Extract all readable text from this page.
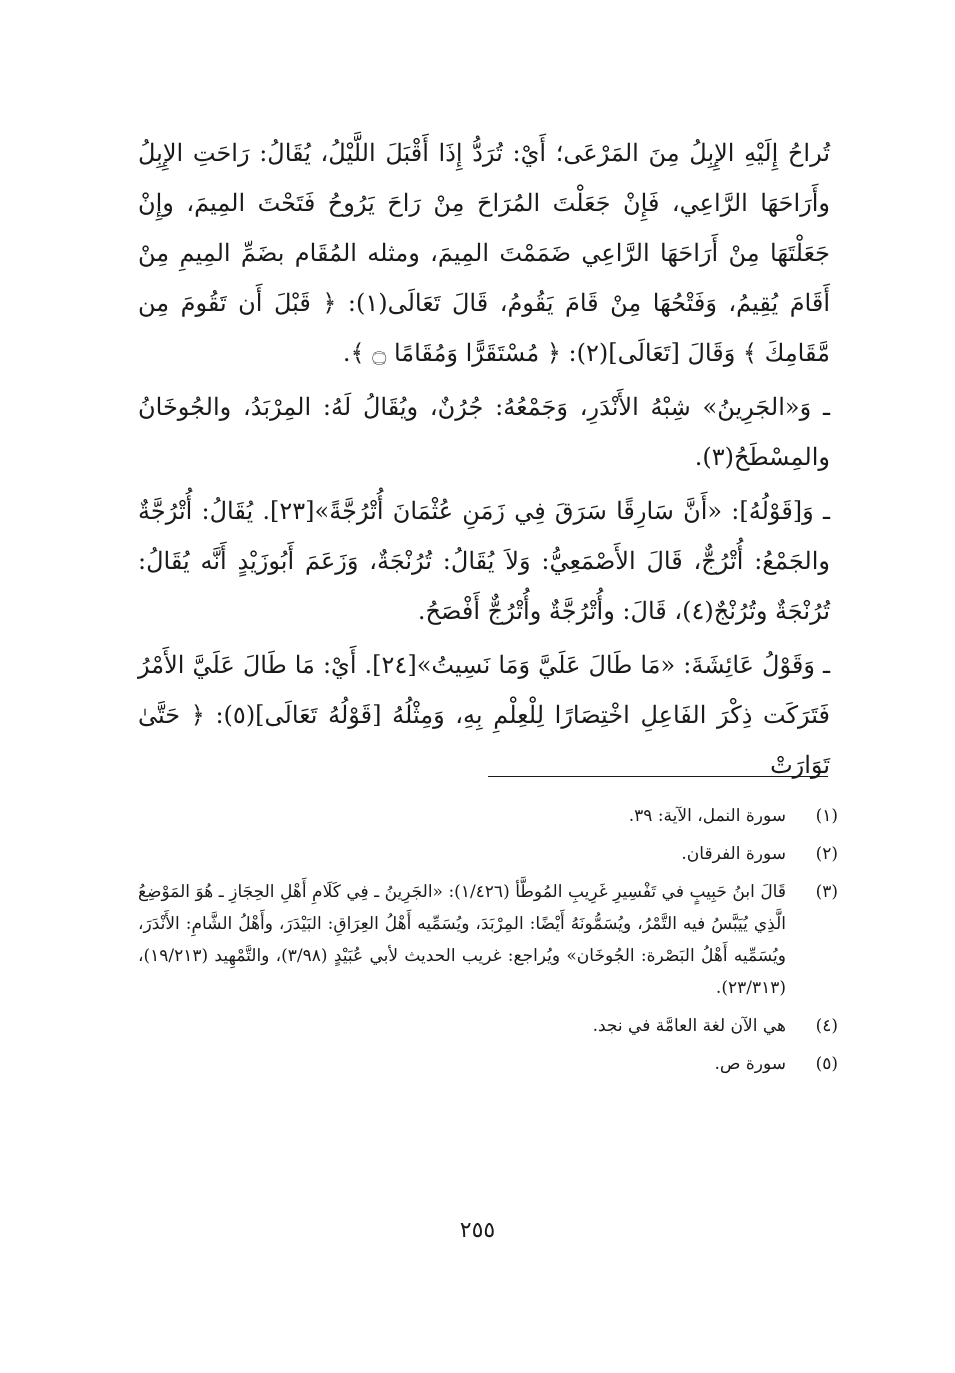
تُراحُ إِلَيْهِ الإِبِلُ مِنَ المَرْعَى؛ أَيْ: تُرَدُّ إِذَا أَقْبَلَ اللَّيْلُ، يُقَالُ: رَاحَتِ الإِبِلُ وأَرَاحَهَا الرَّاعِي، فَإِنْ جَعَلْتَ المُرَاحَ مِنْ رَاحَ يَرُوحُ فَتَحْتَ المِيمَ، وإِنْ جَعَلْتَهَا مِنْ أَرَاحَهَا الرَّاعِي ضَمَمْتَ المِيمَ، ومثله المُقَام بضَمِّ المِيمِ مِنْ أَقَامَ يُقِيمُ، وَفَتْحُهَا مِنْ قَامَ يَقُومُ، قَالَ تَعَالَى(١): ﴿ قَبْلَ أَن تَقُومَ مِن مَّقَامِكَ ﴾ وَقَالَ [تَعَالَى](٢): ﴿ مُسْتَقَرًّا وَمُقَامًا ۝ ﴾.

ـ وَ«الجَرِينُ» شِبْهُ الأَنْدَرِ، وَجَمْعُهُ: جُرُنٌ، ويُقَالُ لَهُ: المِرْبَدُ، والجُوخَانُ والمِسْطَحُ(٣).

ـ وَ[قَوْلُهُ]: «أَنَّ سَارِقًا سَرَقَ فِي زَمَنِ عُثْمَانَ أُتْرُجَّةً»[٢٣]. يُقَالُ: أُتْرُجَّةٌ والجَمْعُ: أُتْرُجٌّ، قَالَ الأَصْمَعِيُّ: وَلاَ يُقَالُ: تُرُنْجَةٌ، وَزَعَمَ أَبُوزَيْدٍ أَنَّه يُقَالُ: تُرُنْجَةٌ وتُرُنْجٌ(٤)، قَالَ: وأُتْرُجَّةٌ وأُتْرُجٌّ أَفْصَحُ.

ـ وَقَوْلُ عَائِشَةَ: «مَا طَالَ عَلَيَّ وَمَا نَسِيتُ»[٢٤]. أَيْ: مَا طَالَ عَلَيَّ الأَمْرُ فَتَرَكَت ذِكْرَ الفَاعِلِ اخْتِصَارًا لِلْعِلْمِ بِهِ، وَمِثْلُهُ [قَوْلُهُ تَعَالَى](٥): ﴿ حَتَّىٰ تَوَارَتْ

(١)
سورة النمل، الآية: ٣٩.
(٢)
سورة الفرقان.
(٣)
قَالَ ابنُ حَبِيبٍ في تَفْسِيرِ غَرِيبِ المُوطَّأ (١/٤٢٦): «الجَرِينُ ـ فِي كَلَامِ أَهْلِ الحِجَازِ ـ هُوَ المَوْضِعُ الَّذِي يُيَبَّسُ فيه التَّمْرُ، ويُسَمُّونَهُ أَيْضًا: المِرْبَدَ، ويُسَمِّيه أَهْلُ العِرَاقِ: البَيْدَرَ، وأَهْلُ الشَّامِ: الأَنْدَرَ، ويُسَمِّيه أَهْلُ البَصْرة: الجُوخَان» ويُراجع: غريب الحديث لأبي عُبَيْدٍ (٣/٩٨)، والتَّمْهِيد (١٩/٢١٣)، (٢٣/٣١٣).
(٤)
هي الآن لغة العامَّة في نجد.
(٥)
سورة ص.
٢٥٥
